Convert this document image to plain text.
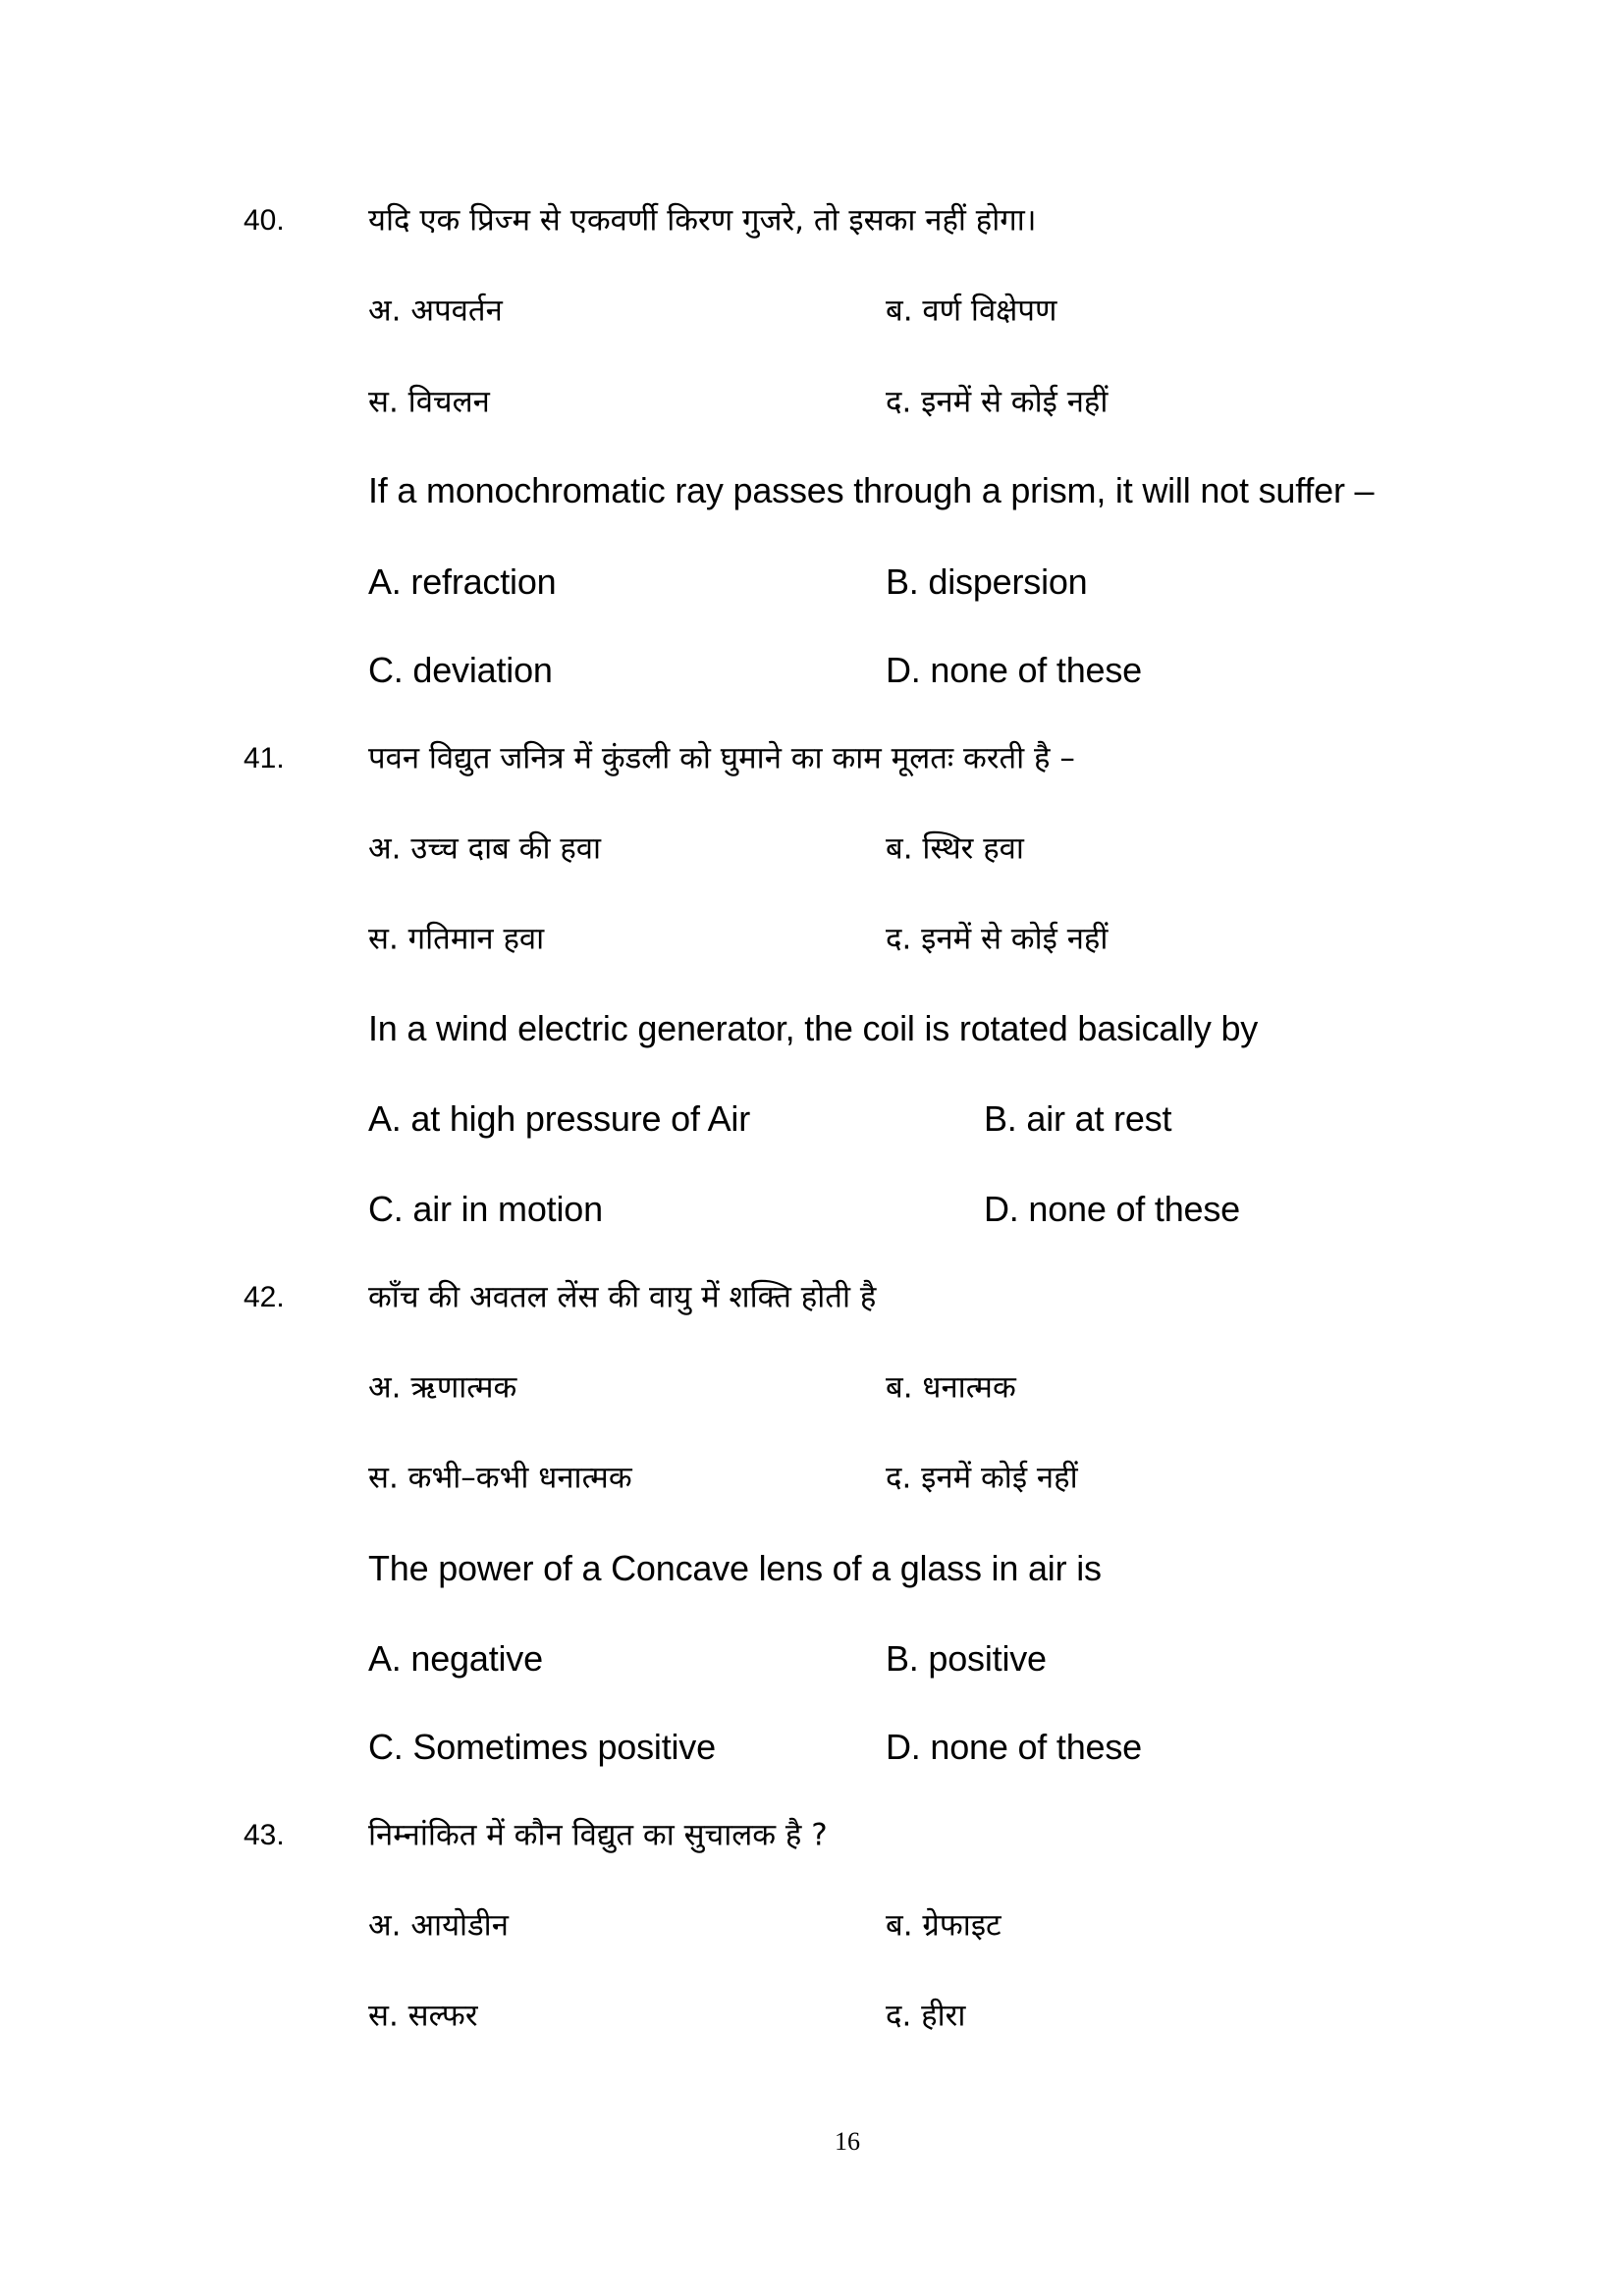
40.	यदि एक प्रिज्म से एकवर्णी किरण गुजरे, तो इसका नहीं होगा।
अ. अपवर्तन	ब. वर्ण विक्षेपण
स. विचलन	द. इनमें से कोई नहीं
If a monochromatic ray passes through a prism, it will not suffer –
A. refraction	B. dispersion
C. deviation	D. none of these
41.	पवन विद्युत जनित्र में कुंडली को घुमाने का काम मूलतः करती है –
अ. उच्च दाब की हवा	ब. स्थिर हवा
स. गतिमान हवा	द. इनमें से कोई नहीं
In a wind electric generator, the coil is rotated basically by
A. at high pressure of Air	B. air at rest
C. air in motion	D. none of these
42.	काँच की अवतल लेंस की वायु में शक्ति होती है
अ. ऋणात्मक	ब. धनात्मक
स. कभी–कभी धनात्मक	द. इनमें कोई नहीं
The power of a Concave lens of a glass in air is
A. negative	B. positive
C. Sometimes positive	D. none of these
43.	निम्नांकित में कौन विद्युत का सुचालक है ?
अ. आयोडीन	ब. ग्रेफाइट
स. सल्फर	द. हीरा
16
